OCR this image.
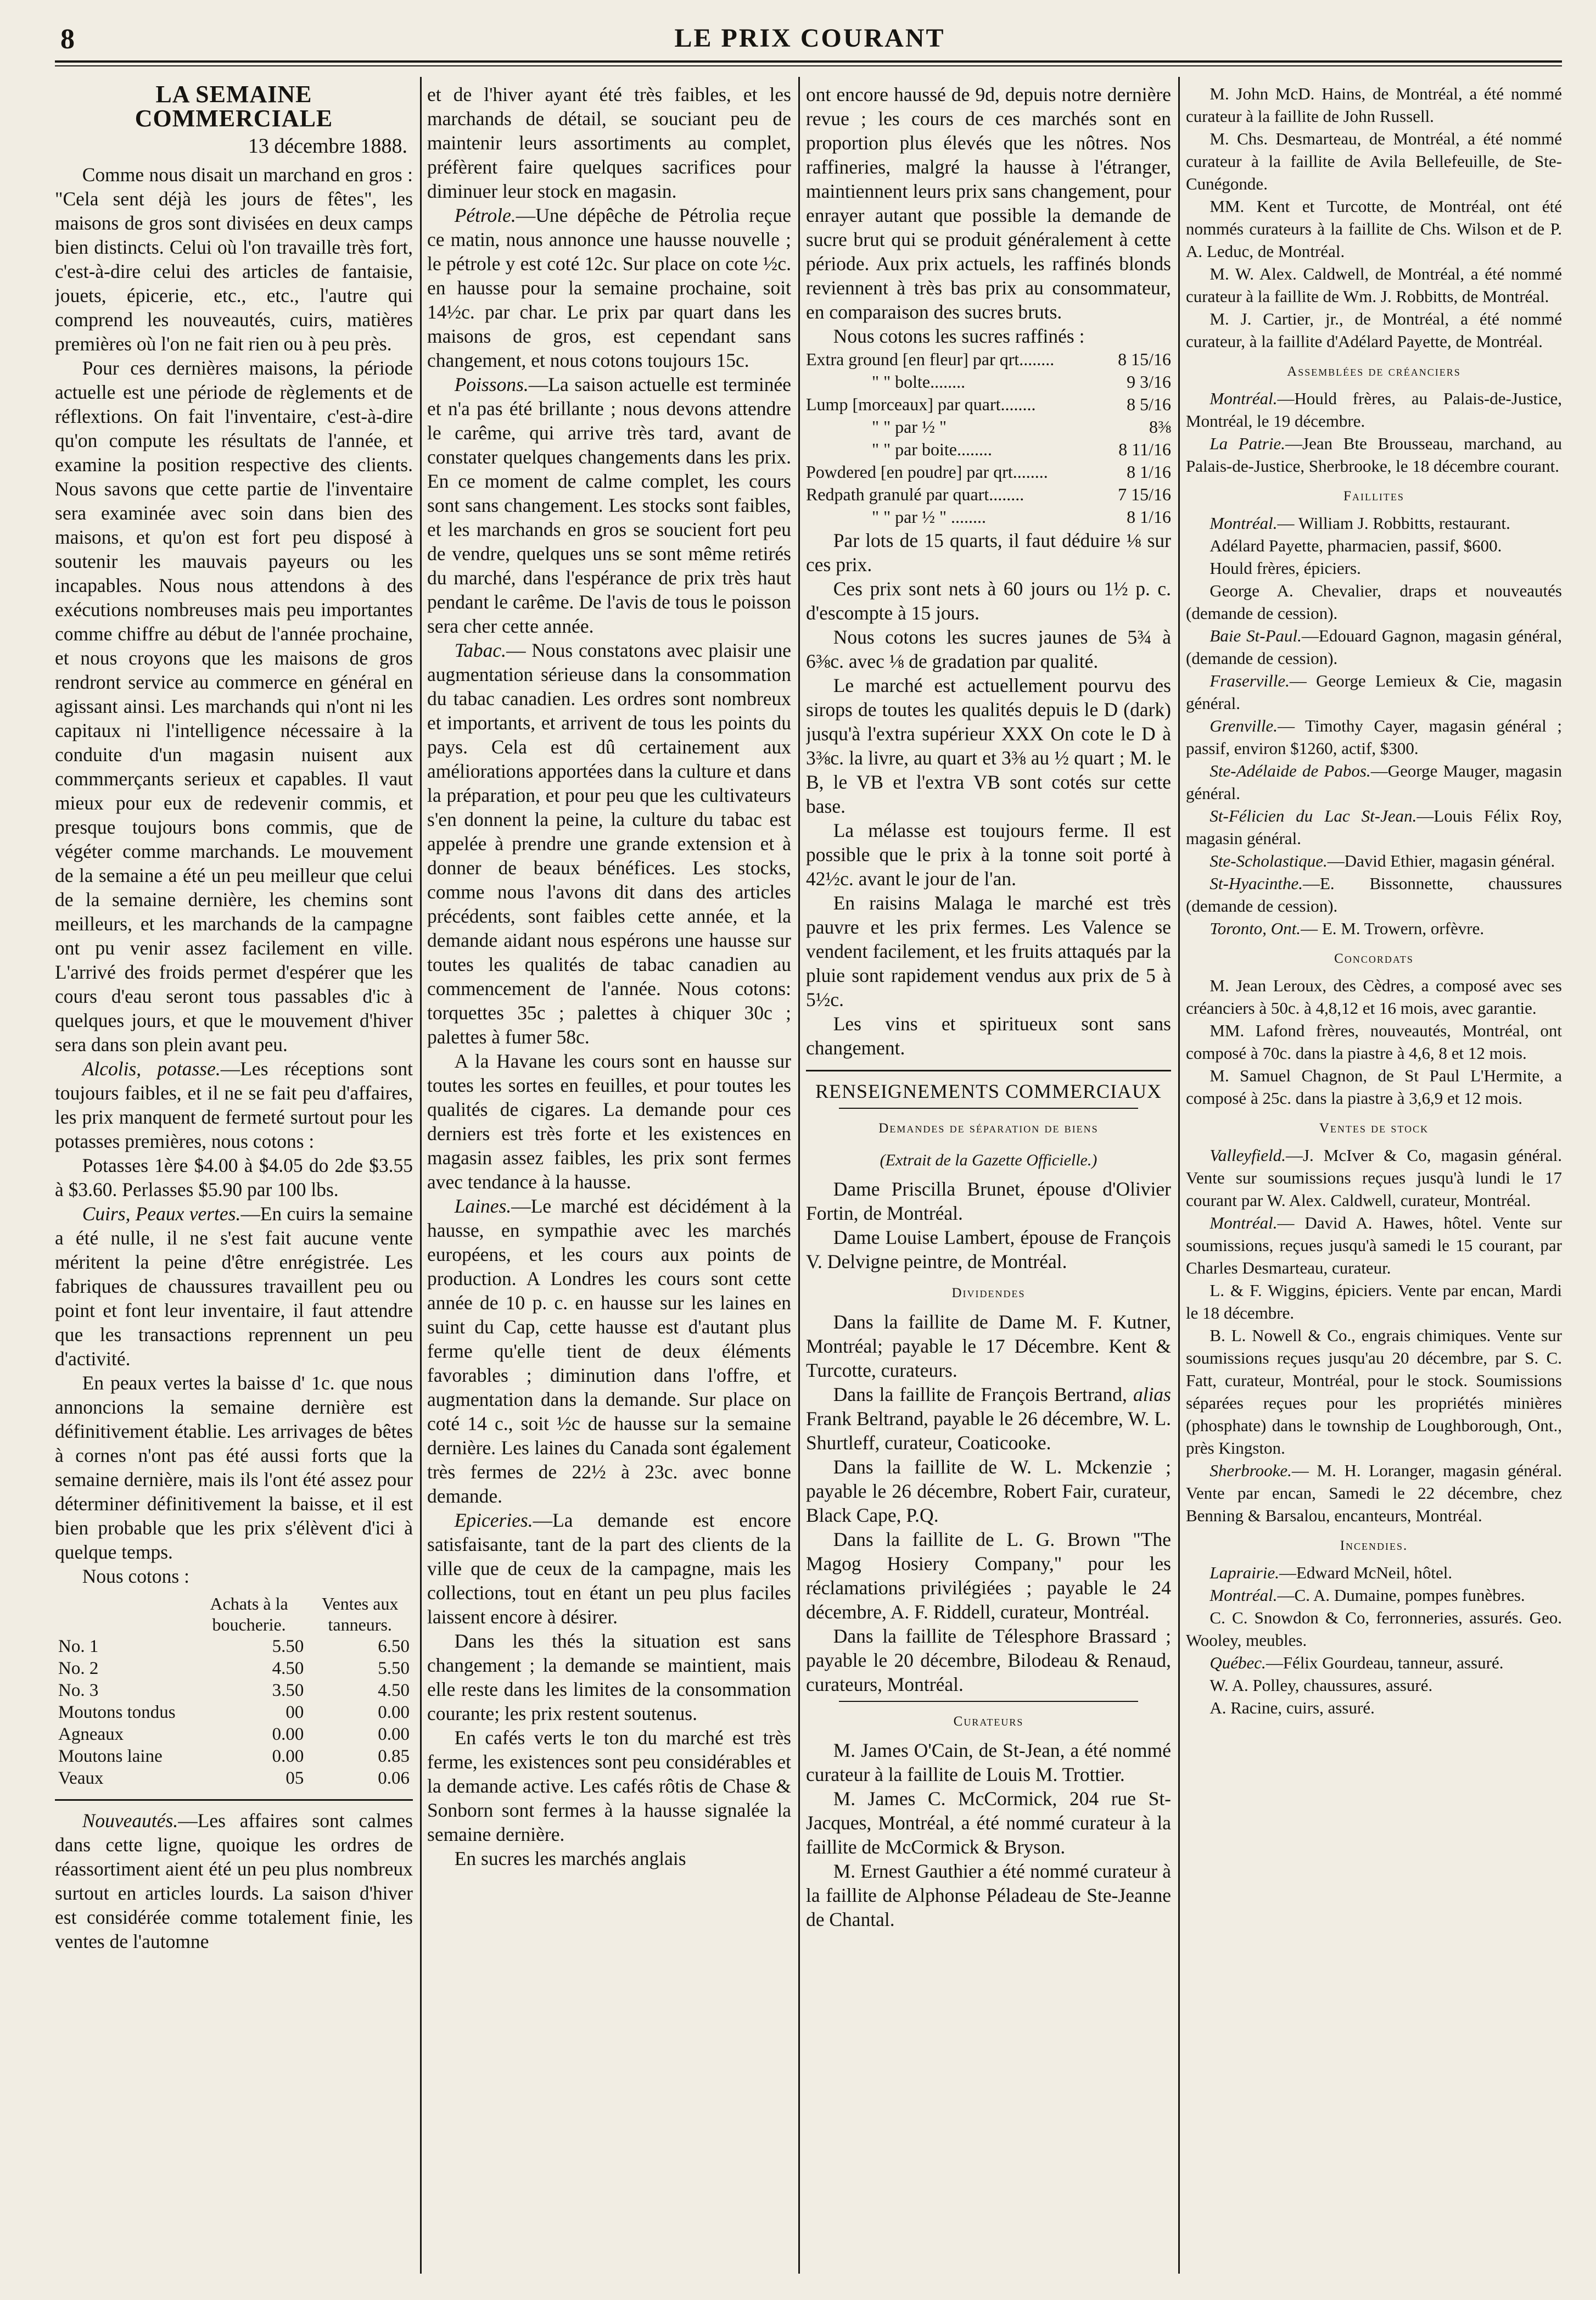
8	LE PRIX COURANT
LA SEMAINE COMMERCIALE
13 décembre 1888.

Comme nous disait un marchand en gros : "Cela sent déjà les jours de fêtes", les maisons de gros sont divisées en deux camps bien distincts. Celui où l'on travaille très fort, c'est-à-dire celui des articles de fantaisie, jouets, épicerie, etc., etc., l'autre qui comprend les nouveautés, cuirs, matières premières où l'on ne fait rien ou à peu près.

Pour ces dernières maisons, la période actuelle est une période de règlements et de réflextions. On fait l'inventaire, c'est-à-dire qu'on compute les résultats de l'année, et examine la position respective des clients. Nous savons que cette partie de l'inventaire sera examinée avec soin dans bien des maisons, et qu'on est fort peu disposé à soutenir les mauvais payeurs ou les incapables. Nous nous attendons à des exécutions nombreuses mais peu importantes comme chiffre au début de l'année prochaine, et nous croyons que les maisons de gros rendront service au commerce en général en agissant ainsi. Les marchands qui n'ont ni les capitaux ni l'intelligence nécessaire à la conduite d'un magasin nuisent aux commmerçants serieux et capables. Il vaut mieux pour eux de redevenir commis, et presque toujours bons commis, que de végéter comme marchands. Le mouvement de la semaine a été un peu meilleur que celui de la semaine dernière, les chemins sont meilleurs, et les marchands de la campagne ont pu venir assez facilement en ville. L'arrivé des froids permet d'espérer que les cours d'eau seront tous passables d'ic à quelques jours, et que le mouvement d'hiver sera dans son plein avant peu.

Alcolis, potasse.—Les réceptions sont toujours faibles, et il ne se fait peu d'affaires, les prix manquent de fermeté surtout pour les potasses premières, nous cotons :

Potasses 1ère $4.00 à $4.05 do 2de $3.55 à $3.60. Perlasses $5.90 par 100 lbs.

Cuirs, Peaux vertes.—En cuirs la semaine a été nulle, il ne s'est fait aucune vente méritent la peine d'être enrégistrée. Les fabriques de chaussures travaillent peu ou point et font leur inventaire, il faut attendre que les transactions reprennent un peu d'activité.

En peaux vertes la baisse d' 1c. que nous annoncions la semaine dernière est définitivement établie. Les arrivages de bêtes à cornes n'ont pas été aussi forts que la semaine dernière, mais ils l'ont été assez pour déterminer définitivement la baisse, et il est bien probable que les prix s'élèvent d'ici à quelque temps.

Nous cotons :

	Achats à la boucherie.	Ventes aux tanneurs.
No. 1	5.50	6.50
No. 2	4.50	5.50
No. 3	3.50	4.50
Moutons tondus	00	0.00
Agneaux	0.00	0.00
Moutons laine	0.00	0.85
Veaux	05	0.06

Nouveautés.—Les affaires sont calmes dans cette ligne, quoique les ordres de réassortiment aient été un peu plus nombreux surtout en articles lourds. La saison d'hiver est considérée comme totalement finie, les ventes de l'automne

et de l'hiver ayant été très faibles, et les marchands de détail, se souciant peu de maintenir leurs assortiments au complet, préfèrent faire quelques sacrifices pour diminuer leur stock en magasin.

Pétrole.—Une dépêche de Pétrolia reçue ce matin, nous annonce une hausse nouvelle ; le pétrole y est coté 12c. Sur place on cote ½c. en hausse pour la semaine prochaine, soit 14½c. par char. Le prix par quart dans les maisons de gros, est cependant sans changement, et nous cotons toujours 15c.

Poissons.—La saison actuelle est terminée et n'a pas été brillante ; nous devons attendre le carême, qui arrive très tard, avant de constater quelques changements dans les prix. En ce moment de calme complet, les cours sont sans changement. Les stocks sont faibles, et les marchands en gros se soucient fort peu de vendre, quelques uns se sont même retirés du marché, dans l'espérance de prix très haut pendant le carême. De l'avis de tous le poisson sera cher cette année.

Tabac.— Nous constatons avec plaisir une augmentation sérieuse dans la consommation du tabac canadien. Les ordres sont nombreux et importants, et arrivent de tous les points du pays. Cela est dû certainement aux améliorations apportées dans la culture et dans la préparation, et pour peu que les cultivateurs s'en donnent la peine, la culture du tabac est appelée à prendre une grande extension et à donner de beaux bénéfices. Les stocks, comme nous l'avons dit dans des articles précédents, sont faibles cette année, et la demande aidant nous espérons une hausse sur toutes les qualités de tabac canadien au commencement de l'année. Nous cotons: torquettes 35c ; palettes à chiquer 30c ; palettes à fumer 58c.

A la Havane les cours sont en hausse sur toutes les sortes en feuilles, et pour toutes les qualités de cigares. La demande pour ces derniers est très forte et les existences en magasin assez faibles, les prix sont fermes avec tendance à la hausse.

Laines.—Le marché est décidément à la hausse, en sympathie avec les marchés européens, et les cours aux points de production. A Londres les cours sont cette année de 10 p. c. en hausse sur les laines en suint du Cap, cette hausse est d'autant plus ferme qu'elle tient de deux éléments favorables ; diminution dans l'offre, et augmentation dans la demande. Sur place on coté 14 c., soit ½c de hausse sur la semaine dernière. Les laines du Canada sont également très fermes de 22½ à 23c. avec bonne demande.

Epiceries.—La demande est encore satisfaisante, tant de la part des clients de la ville que de ceux de la campagne, mais les collections, tout en étant un peu plus faciles laissent encore à désirer.

Dans les thés la situation est sans changement ; la demande se maintient, mais elle reste dans les limites de la consommation courante; les prix restent soutenus.

En cafés verts le ton du marché est très ferme, les existences sont peu considérables et la demande active. Les cafés rôtis de Chase & Sonborn sont fermes à la hausse signalée la semaine dernière.

En sucres les marchés anglais

ont encore haussé de 9d, depuis notre dernière revue ; les cours de ces marchés sont en proportion plus élevés que les nôtres. Nos raffineries, malgré la hausse à l'étranger, maintiennent leurs prix sans changement, pour enrayer autant que possible la demande de sucre brut qui se produit généralement à cette période. Aux prix actuels, les raffinés blonds reviennent à très bas prix au consommateur, en comparaison des sucres bruts.

Nous cotons les sucres raffinés :

Extra ground [en fleur] par qrt........	8 15/16
" " bolte........	9 3/16
Lump [morceaux] par quart........	8 5/16
" " par ½ "	8⅜
" " par boite........	8 11/16
Powdered [en poudre] par qrt........	8 1/16
Redpath granulé par quart........	7 15/16
" " par ½ " ........	8 1/16

Par lots de 15 quarts, il faut déduire ⅛ sur ces prix.

Ces prix sont nets à 60 jours ou 1½ p. c. d'escompte à 15 jours.

Nous cotons les sucres jaunes de 5¾ à 6⅜c. avec ⅛ de gradation par qualité.

Le marché est actuellement pourvu des sirops de toutes les qualités depuis le D (dark) jusqu'à l'extra supérieur XXX On cote le D à 3⅜c. la livre, au quart et 3⅜ au ½ quart ; M. le B, le VB et l'extra VB sont cotés sur cette base.

La mélasse est toujours ferme. Il est possible que le prix à la tonne soit porté à 42½c. avant le jour de l'an.

En raisins Malaga le marché est très pauvre et les prix fermes. Les Valence se vendent facilement, et les fruits attaqués par la pluie sont rapidement vendus aux prix de 5 à 5½c.

Les vins et spiritueux sont sans changement.

RENSEIGNEMENTS COMMERCIAUX
Demandes de séparation de biens
(Extrait de la Gazette Officielle.)

Dame Priscilla Brunet, épouse d'Olivier Fortin, de Montréal.

Dame Louise Lambert, épouse de François V. Delvigne peintre, de Montréal.

Dividendes

Dans la faillite de Dame M. F. Kutner, Montréal; payable le 17 Décembre. Kent & Turcotte, curateurs.

Dans la faillite de François Bertrand, alias Frank Beltrand, payable le 26 décembre, W. L. Shurtleff, curateur, Coaticooke.

Dans la faillite de W. L. Mckenzie ; payable le 26 décembre, Robert Fair, curateur, Black Cape, P.Q.

Dans la faillite de L. G. Brown "The Magog Hosiery Company," pour les réclamations privilégiées ; payable le 24 décembre, A. F. Riddell, curateur, Montréal.

Dans la faillite de Télesphore Brassard ; payable le 20 décembre, Bilodeau & Renaud, curateurs, Montréal.

Curateurs

M. James O'Cain, de St-Jean, a été nommé curateur à la faillite de Louis M. Trottier.

M. James C. McCormick, 204 rue St-Jacques, Montréal, a été nommé curateur à la faillite de McCormick & Bryson.

M. Ernest Gauthier a été nommé curateur à la faillite de Alphonse Péladeau de Ste-Jeanne de Chantal.

M. John McD. Hains, de Montréal, a été nommé curateur à la faillite de John Russell.

M. Chs. Desmarteau, de Montréal, a été nommé curateur à la faillite de Avila Bellefeuille, de Ste-Cunégonde.

MM. Kent et Turcotte, de Montréal, ont été nommés curateurs à la faillite de Chs. Wilson et de P. A. Leduc, de Montréal.

M. W. Alex. Caldwell, de Montréal, a été nommé curateur à la faillite de Wm. J. Robbitts, de Montréal.

M. J. Cartier, jr., de Montréal, a été nommé curateur, à la faillite d'Adélard Payette, de Montréal.

Assemblées de créanciers

Montréal.—Hould frères, au Palais-de-Justice, Montréal, le 19 décembre.

La Patrie.—Jean Bte Brousseau, marchand, au Palais-de-Justice, Sherbrooke, le 18 décembre courant.

Faillites

Montréal.— William J. Robbitts, restaurant.

Adélard Payette, pharmacien, passif, $600.

Hould frères, épiciers.

George A. Chevalier, draps et nouveautés (demande de cession).

Baie St-Paul.—Edouard Gagnon, magasin général, (demande de cession).

Fraserville.— George Lemieux & Cie, magasin général.

Grenville.— Timothy Cayer, magasin général ; passif, environ $1260, actif, $300.

Ste-Adélaide de Pabos.—George Mauger, magasin général.

St-Félicien du Lac St-Jean.—Louis Félix Roy, magasin général.

Ste-Scholastique.—David Ethier, magasin général.

St-Hyacinthe.—E. Bissonnette, chaussures (demande de cession).

Toronto, Ont.— E. M. Trowern, orfèvre.

Concordats

M. Jean Leroux, des Cèdres, a composé avec ses créanciers à 50c. à 4,8,12 et 16 mois, avec garantie.

MM. Lafond frères, nouveautés, Montréal, ont composé à 70c. dans la piastre à 4,6, 8 et 12 mois.

M. Samuel Chagnon, de St Paul L'Hermite, a composé à 25c. dans la piastre à 3,6,9 et 12 mois.

Ventes de stock

Valleyfield.—J. McIver & Co, magasin général. Vente sur soumissions reçues jusqu'à lundi le 17 courant par W. Alex. Caldwell, curateur, Montréal.

Montréal.— David A. Hawes, hôtel. Vente sur soumissions, reçues jusqu'à samedi le 15 courant, par Charles Desmarteau, curateur.

L. & F. Wiggins, épiciers. Vente par encan, Mardi le 18 décembre.

B. L. Nowell & Co., engrais chimiques. Vente sur soumissions reçues jusqu'au 20 décembre, par S. C. Fatt, curateur, Montréal, pour le stock. Soumissions séparées reçues pour les propriétés minières (phosphate) dans le township de Loughborough, Ont., près Kingston.

Sherbrooke.— M. H. Loranger, magasin général. Vente par encan, Samedi le 22 décembre, chez Benning & Barsalou, encanteurs, Montréal.

Incendies.

Laprairie.—Edward McNeil, hôtel.

Montréal.—C. A. Dumaine, pompes funèbres.

C. C. Snowdon & Co, ferronneries, assurés. Geo. Wooley, meubles.

Québec.—Félix Gourdeau, tanneur, assuré.

W. A. Polley, chaussures, assuré.

A. Racine, cuirs, assuré.
